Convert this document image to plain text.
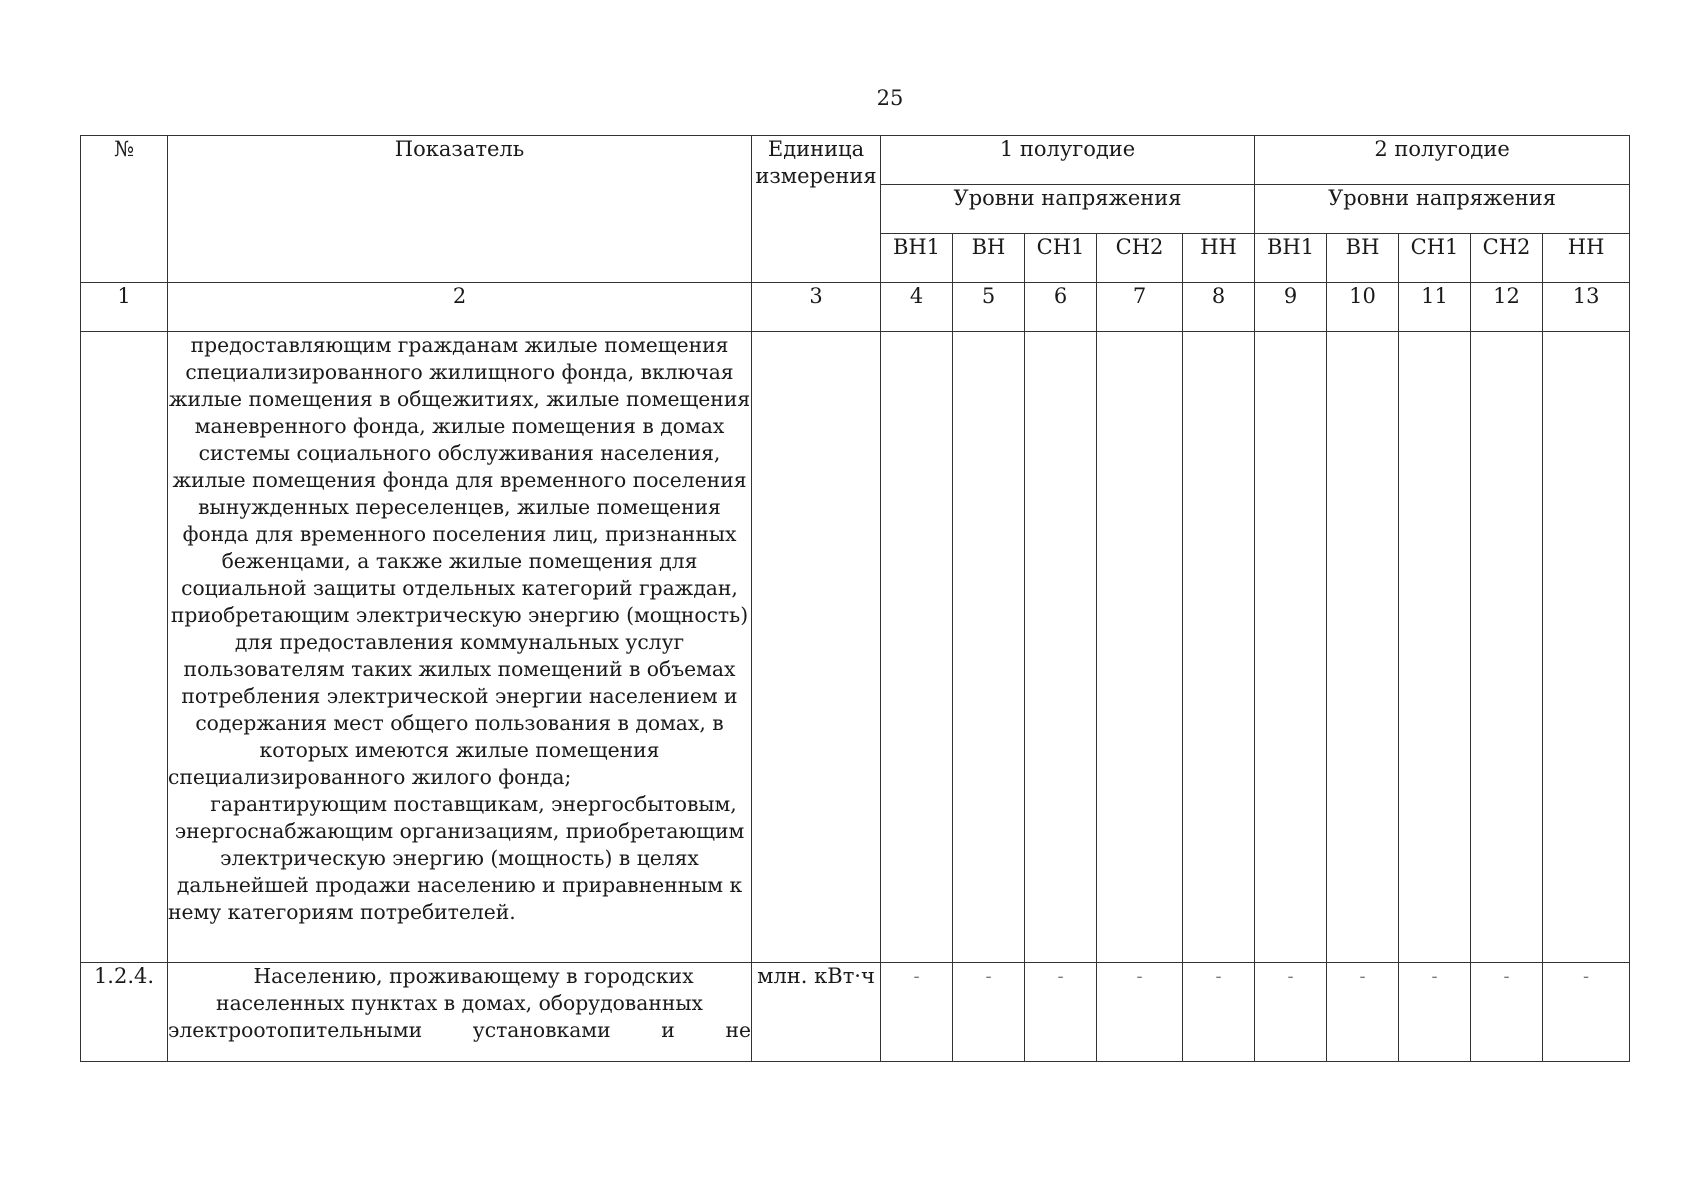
25
№	Показатель	Единица измерения	1 полугодие					2 полугодие				
			Уровни напряжения					Уровни напряжения				
			ВН1	ВН	СН1	СН2	НН	ВН1	ВН	СН1	СН2	НН
1	2	3	4	5	6	7	8	9	10	11	12	13

	предоставляющим гражданам жилые помещения специализированного жилищного фонда, включая жилые помещения в общежитиях, жилые помещения маневренного фонда, жилые помещения в домах системы социального обслуживания населения, жилые помещения фонда для временного поселения вынужденных переселенцев, жилые помещения фонда для временного поселения лиц, признанных беженцами, а также жилые помещения для социальной защиты отдельных категорий граждан, приобретающим электрическую энергию (мощность) для предоставления коммунальных услуг пользователям таких жилых помещений в объемах потребления электрической энергии населением и содержания мест общего пользования в домах, в которых имеются жилые помещения специализированного жилого фонда;

гарантирующим поставщикам, энергосбытовым, энергоснабжающим организациям, приобретающим электрическую энергию (мощность) в целях дальнейшей продажи населению и приравненным к нему категориям потребителей.											

1.2.4.	Населению, проживающему в городских населенных пунктах в домах, оборудованных электроотопительными установками и не	млн. кВт·ч	-	-	-	-	-	-	-	-	-	-
